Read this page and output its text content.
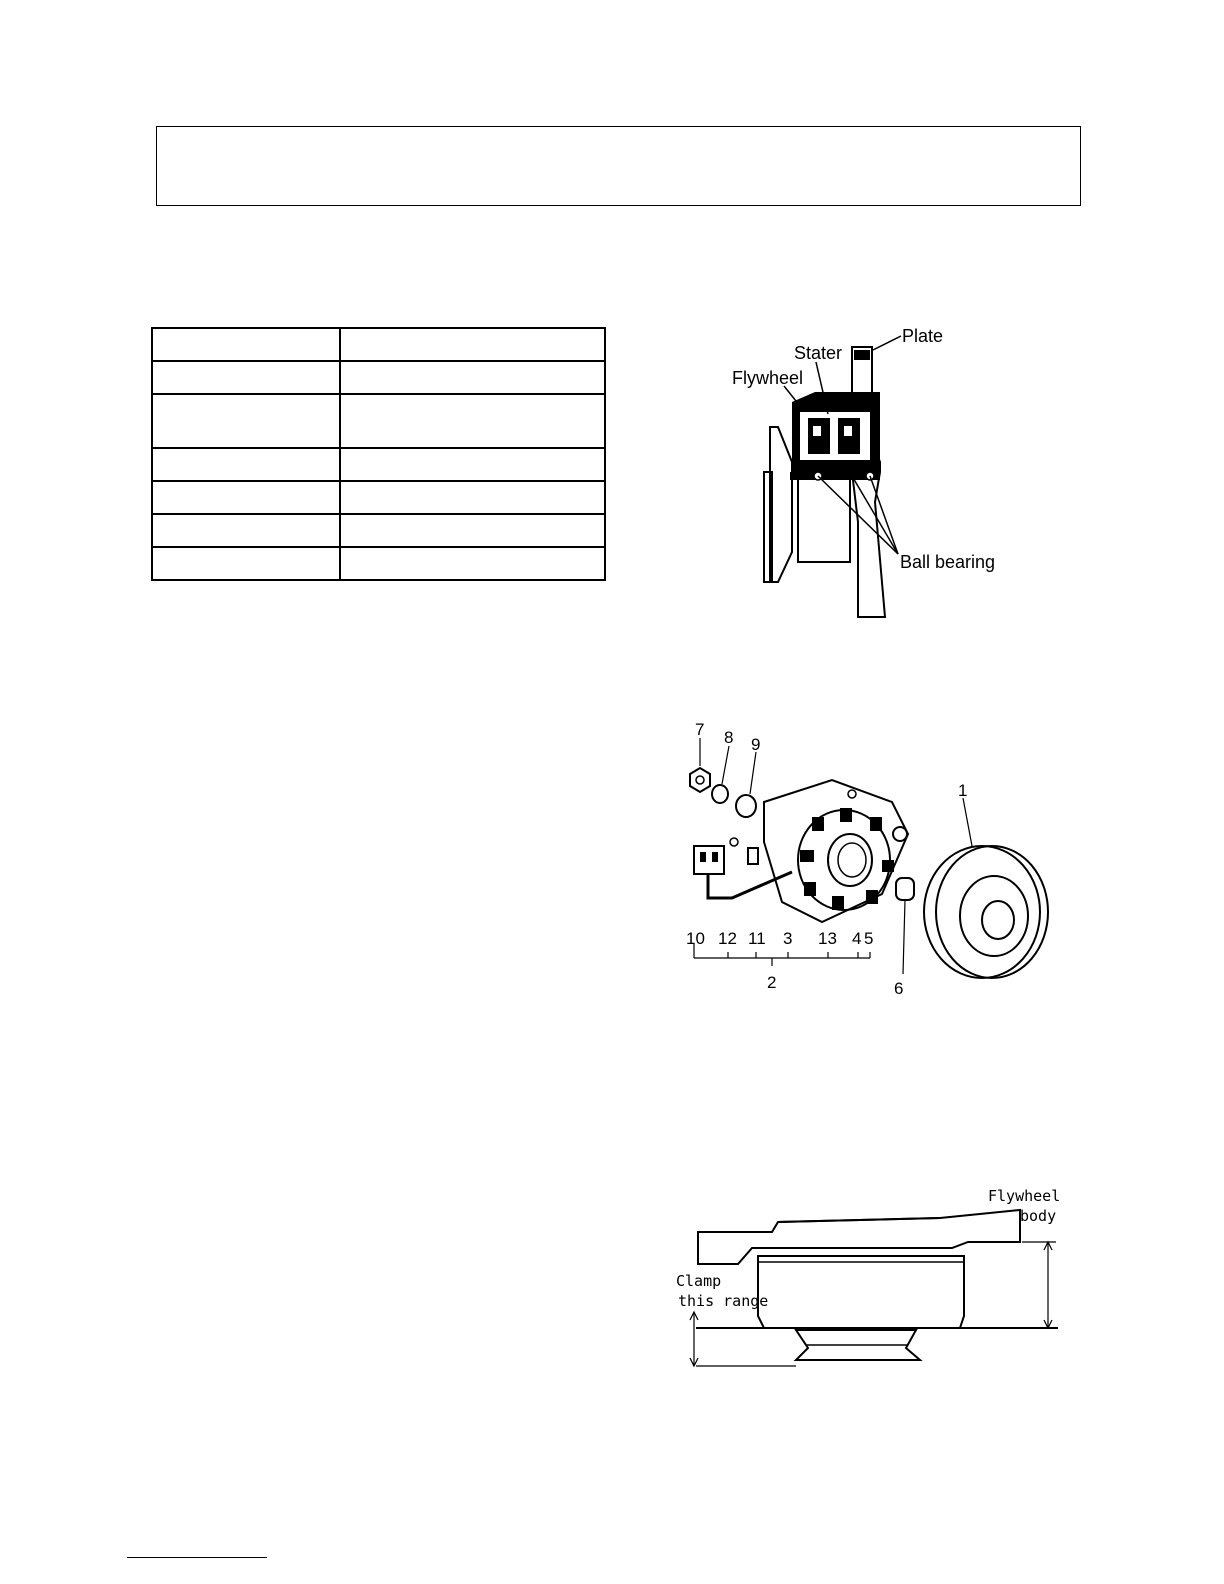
Plate
Stater
Flywheel
Ball bearing
7 8 9
1
10 12 11 3 13 4 5
2	6
Flywheel
body
Clamp
this range
